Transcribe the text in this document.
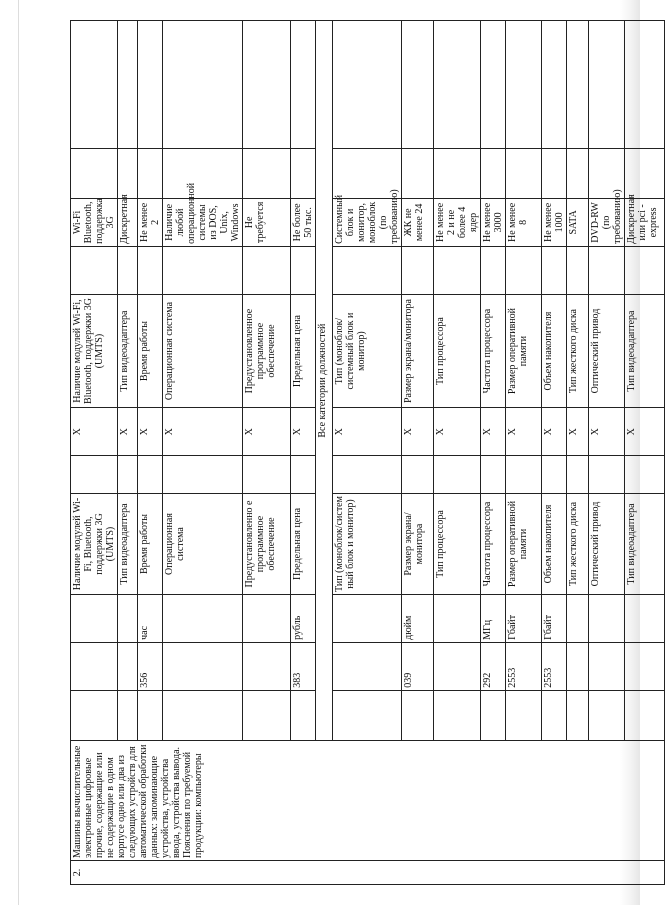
2.	Машины вычислительные электронные цифровые прочие, содержащие или не содержащие в одном корпусе одно или два из следующих устройств для автоматической обработки данных: запоминающие устройства, устройства ввода, устройства вывода. Пояснения по требуемой продукции: компьютеры				Наличие модулей Wi-Fi, Bluetooth, поддержки 3G (UMTS)		X	Наличие модулей Wi-Fi, Bluetooth, поддержки 3G (UMTS)		Wi-Fi Bluetooth, поддержка 3G		
					Тип видеоадаптера		X	Тип видеоадаптера		Дискретная		
			356	час	Время работы		X	Время работы		Не менее 2		
					Операционная система		X	Операционная система		Наличие любой операционной системы из DOS, Unix, Windows		
					Предустановленно е программное обеспечение		X	Предустановленное программное обеспечение		Не требуется		
			383	рубль	Предельная цена		X	Предельная цена		Не более 50 тыс.		
		Все категории должностей										
					Тип (моноблок/систем ный блок и монитор)		X	Тип (моноблок/системный блок и монитор)		Системный блок и монитор, моноблок (по требованию)		
			039	дюйм	Размер экрана/монитора		X	Размер экрана/монитора		ЖК не менее 24		
					Тип процессора		X	Тип процессора		Не менее 2 и не более 4 ядер		
			292	МГц	Частота процессора		X	Частота процессора		Не менее 3000		
			2553	Гбайт	Размер оперативной памяти		X	Размер оперативной памяти		Не менее 8		
			2553	Гбайт	Объем накопителя		X	Объем накопителя		Не менее 1000		
					Тип жесткого диска		X	Тип жесткого диска		SATA		
					Оптический привод		X	Оптический привод		DVD-RW (по требованию)		
					Тип видеоадаптера		X	Тип видеоадаптера		Дискретная или pci - express		
